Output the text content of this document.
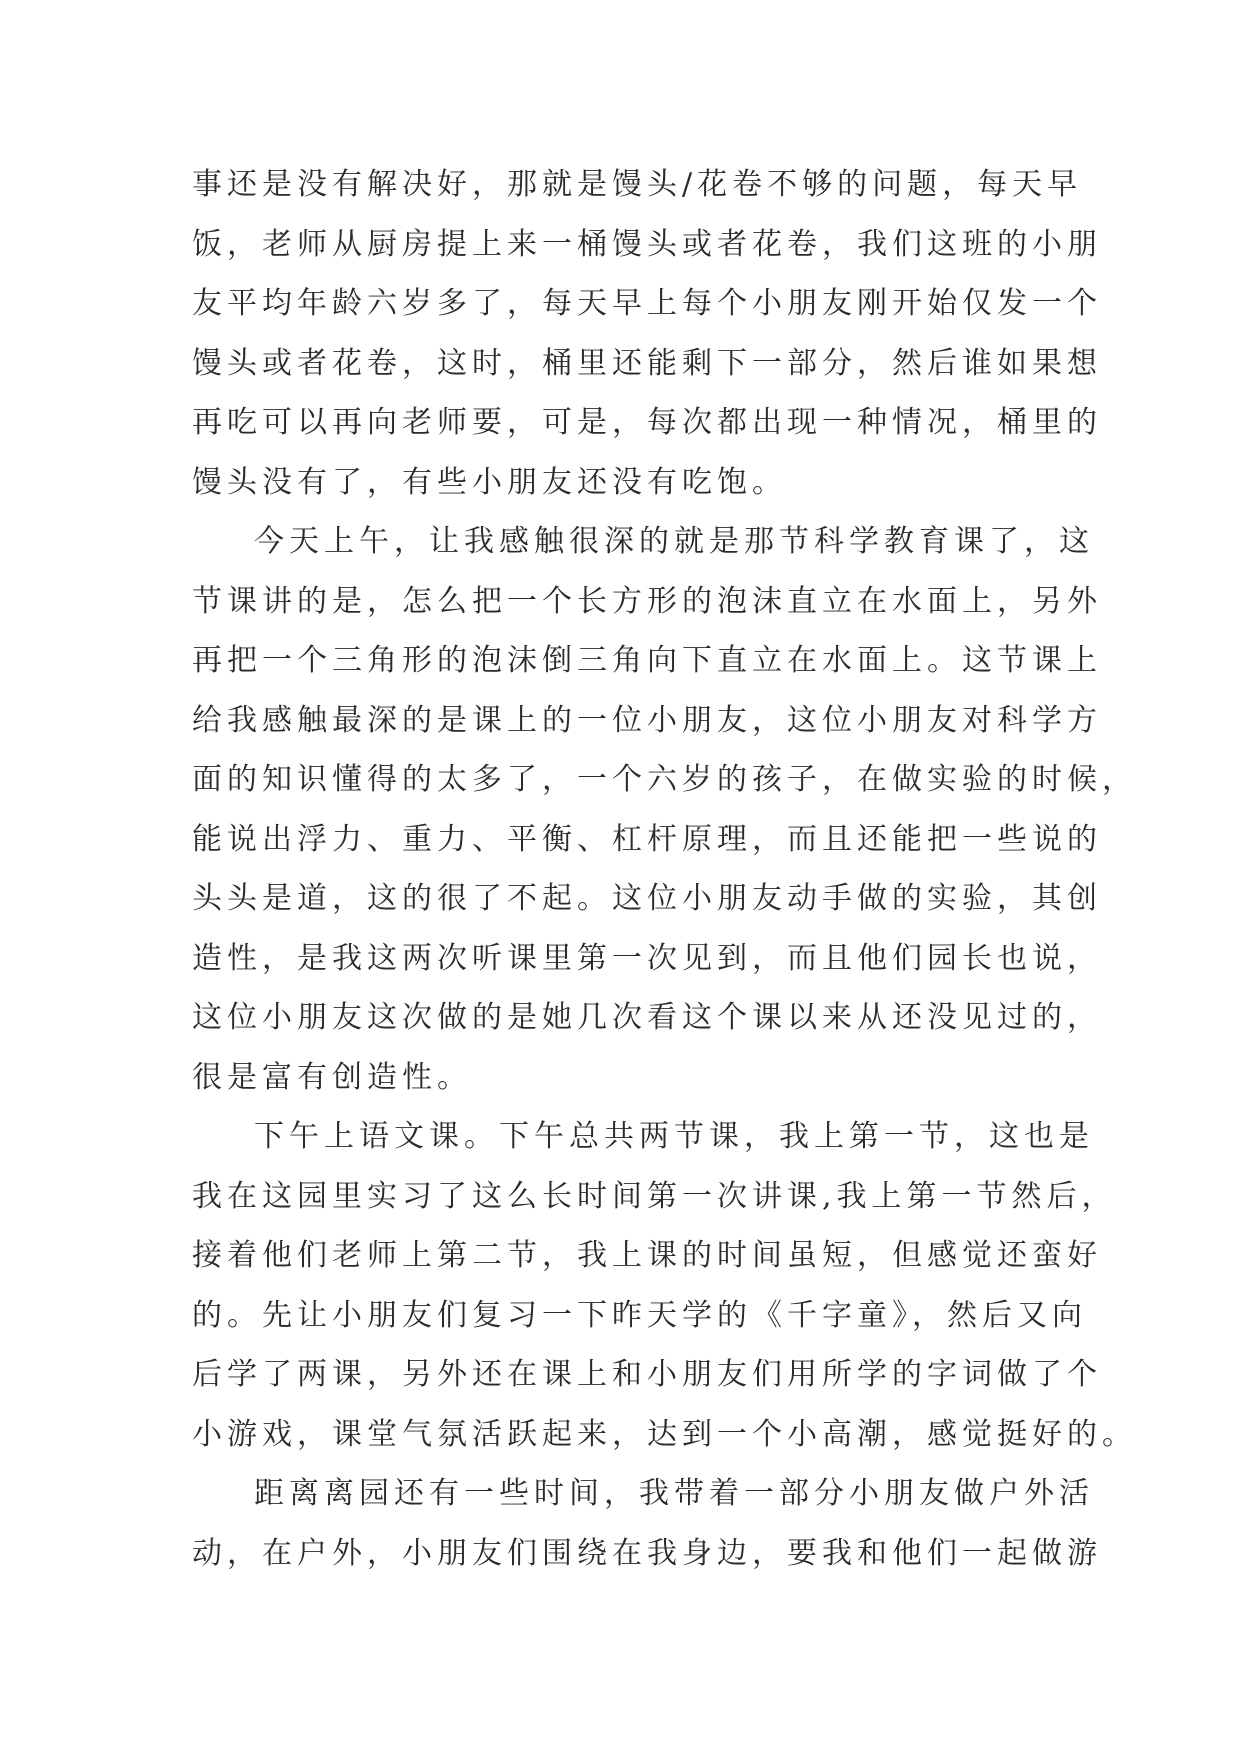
事还是没有解决好，那就是馒头/花卷不够的问题，每天早
饭，老师从厨房提上来一桶馒头或者花卷，我们这班的小朋
友平均年龄六岁多了，每天早上每个小朋友刚开始仅发一个
馒头或者花卷，这时，桶里还能剩下一部分，然后谁如果想
再吃可以再向老师要，可是，每次都出现一种情况，桶里的
馒头没有了，有些小朋友还没有吃饱。
今天上午，让我感触很深的就是那节科学教育课了，这
节课讲的是，怎么把一个长方形的泡沫直立在水面上，另外
再把一个三角形的泡沫倒三角向下直立在水面上。这节课上
给我感触最深的是课上的一位小朋友，这位小朋友对科学方
面的知识懂得的太多了，一个六岁的孩子，在做实验的时候，
能说出浮力、重力、平衡、杠杆原理，而且还能把一些说的
头头是道，这的很了不起。这位小朋友动手做的实验，其创
造性，是我这两次听课里第一次见到，而且他们园长也说，
这位小朋友这次做的是她几次看这个课以来从还没见过的，
很是富有创造性。
下午上语文课。下午总共两节课，我上第一节，这也是
我在这园里实习了这么长时间第一次讲课,我上第一节然后，
接着他们老师上第二节，我上课的时间虽短，但感觉还蛮好
的。先让小朋友们复习一下昨天学的《千字童》，然后又向
后学了两课，另外还在课上和小朋友们用所学的字词做了个
小游戏，课堂气氛活跃起来，达到一个小高潮，感觉挺好的。
距离离园还有一些时间，我带着一部分小朋友做户外活
动，在户外，小朋友们围绕在我身边，要我和他们一起做游
